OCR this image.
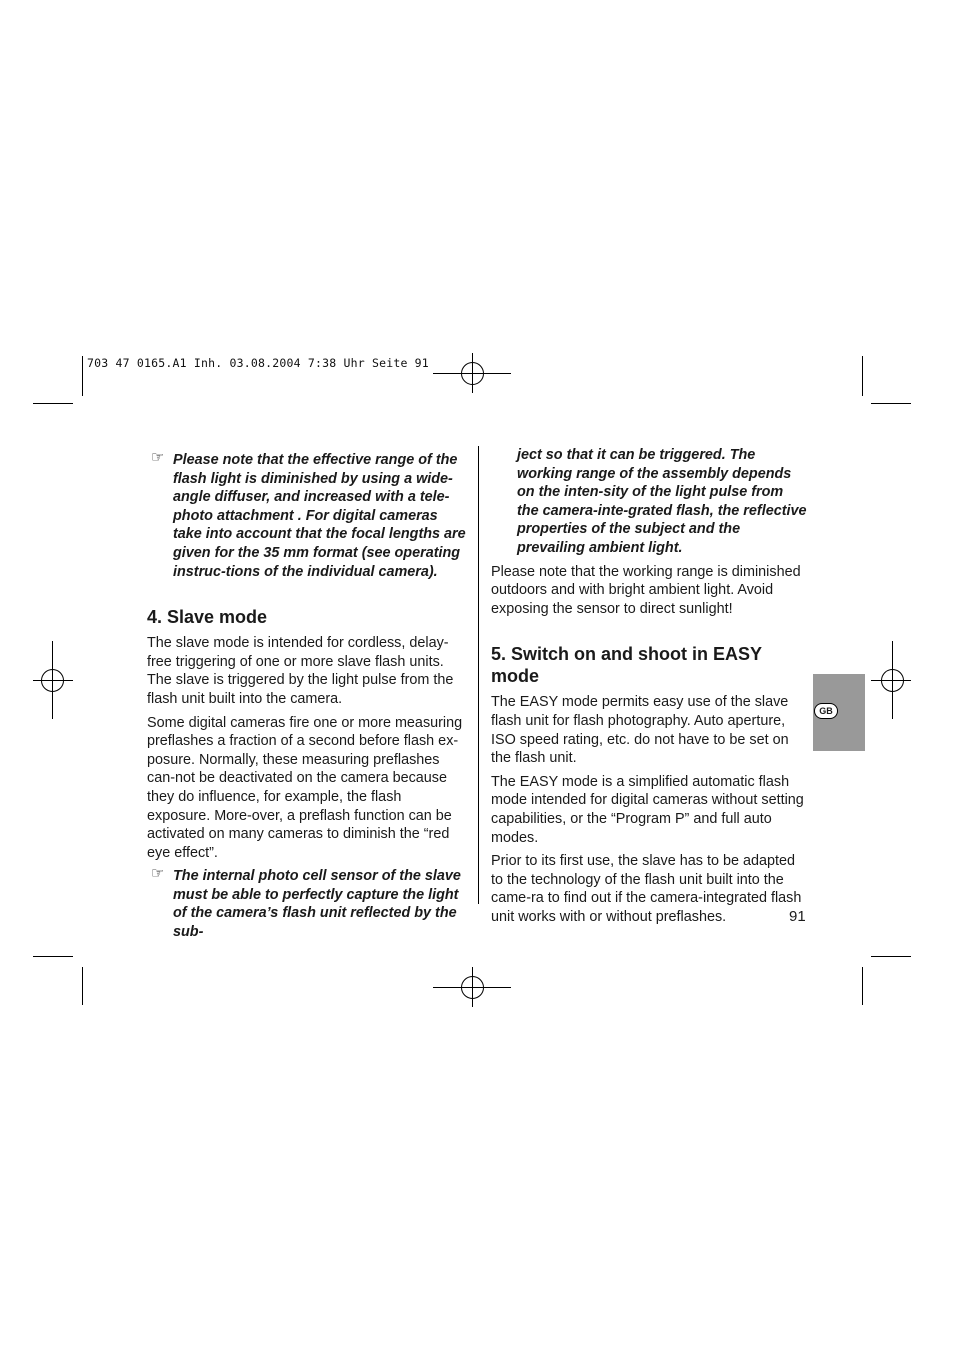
703 47 0165.A1 Inh. 03.08.2004 7:38 Uhr Seite 91
☞ Please note that the effective range of the flash light is diminished by using a wide-angle diffuser, and increased with a tele-photo attachment . For digital cameras take into account that the focal lengths are given for the 35 mm format (see operating instruc-tions of the individual camera).
4. Slave mode

The slave mode is intended for cordless, delay-free triggering of one or more slave flash units. The slave is triggered by the light pulse from the flash unit built into the camera.

Some digital cameras fire one or more measuring preflashes a fraction of a second before flash ex-posure. Normally, these measuring preflashes can-not be deactivated on the camera because they do influence, for example, the flash exposure. More-over, a preflash function can be activated on many cameras to diminish the “red eye effect”.

☞ The internal photo cell sensor of the slave must be able to perfectly capture the light of the camera’s flash unit reflected by the sub-
ject so that it can be triggered. The working range of the assembly depends on the inten-sity of the light pulse from the camera-inte-grated flash, the reflective properties of the subject and the prevailing ambient light.

Please note that the working range is diminished outdoors and with bright ambient light. Avoid exposing the sensor to direct sunlight!

5. Switch on and shoot in EASY mode

The EASY mode permits easy use of the slave flash unit for flash photography. Auto aperture, ISO speed rating, etc. do not have to be set on the flash unit.

The EASY mode is a simplified automatic flash mode intended for digital cameras without setting capabilities, or the “Program P” and full auto modes.

Prior to its first use, the slave has to be adapted to the technology of the flash unit built into the came-ra to find out if the camera-integrated flash unit works with or without preflashes.

GB
91
